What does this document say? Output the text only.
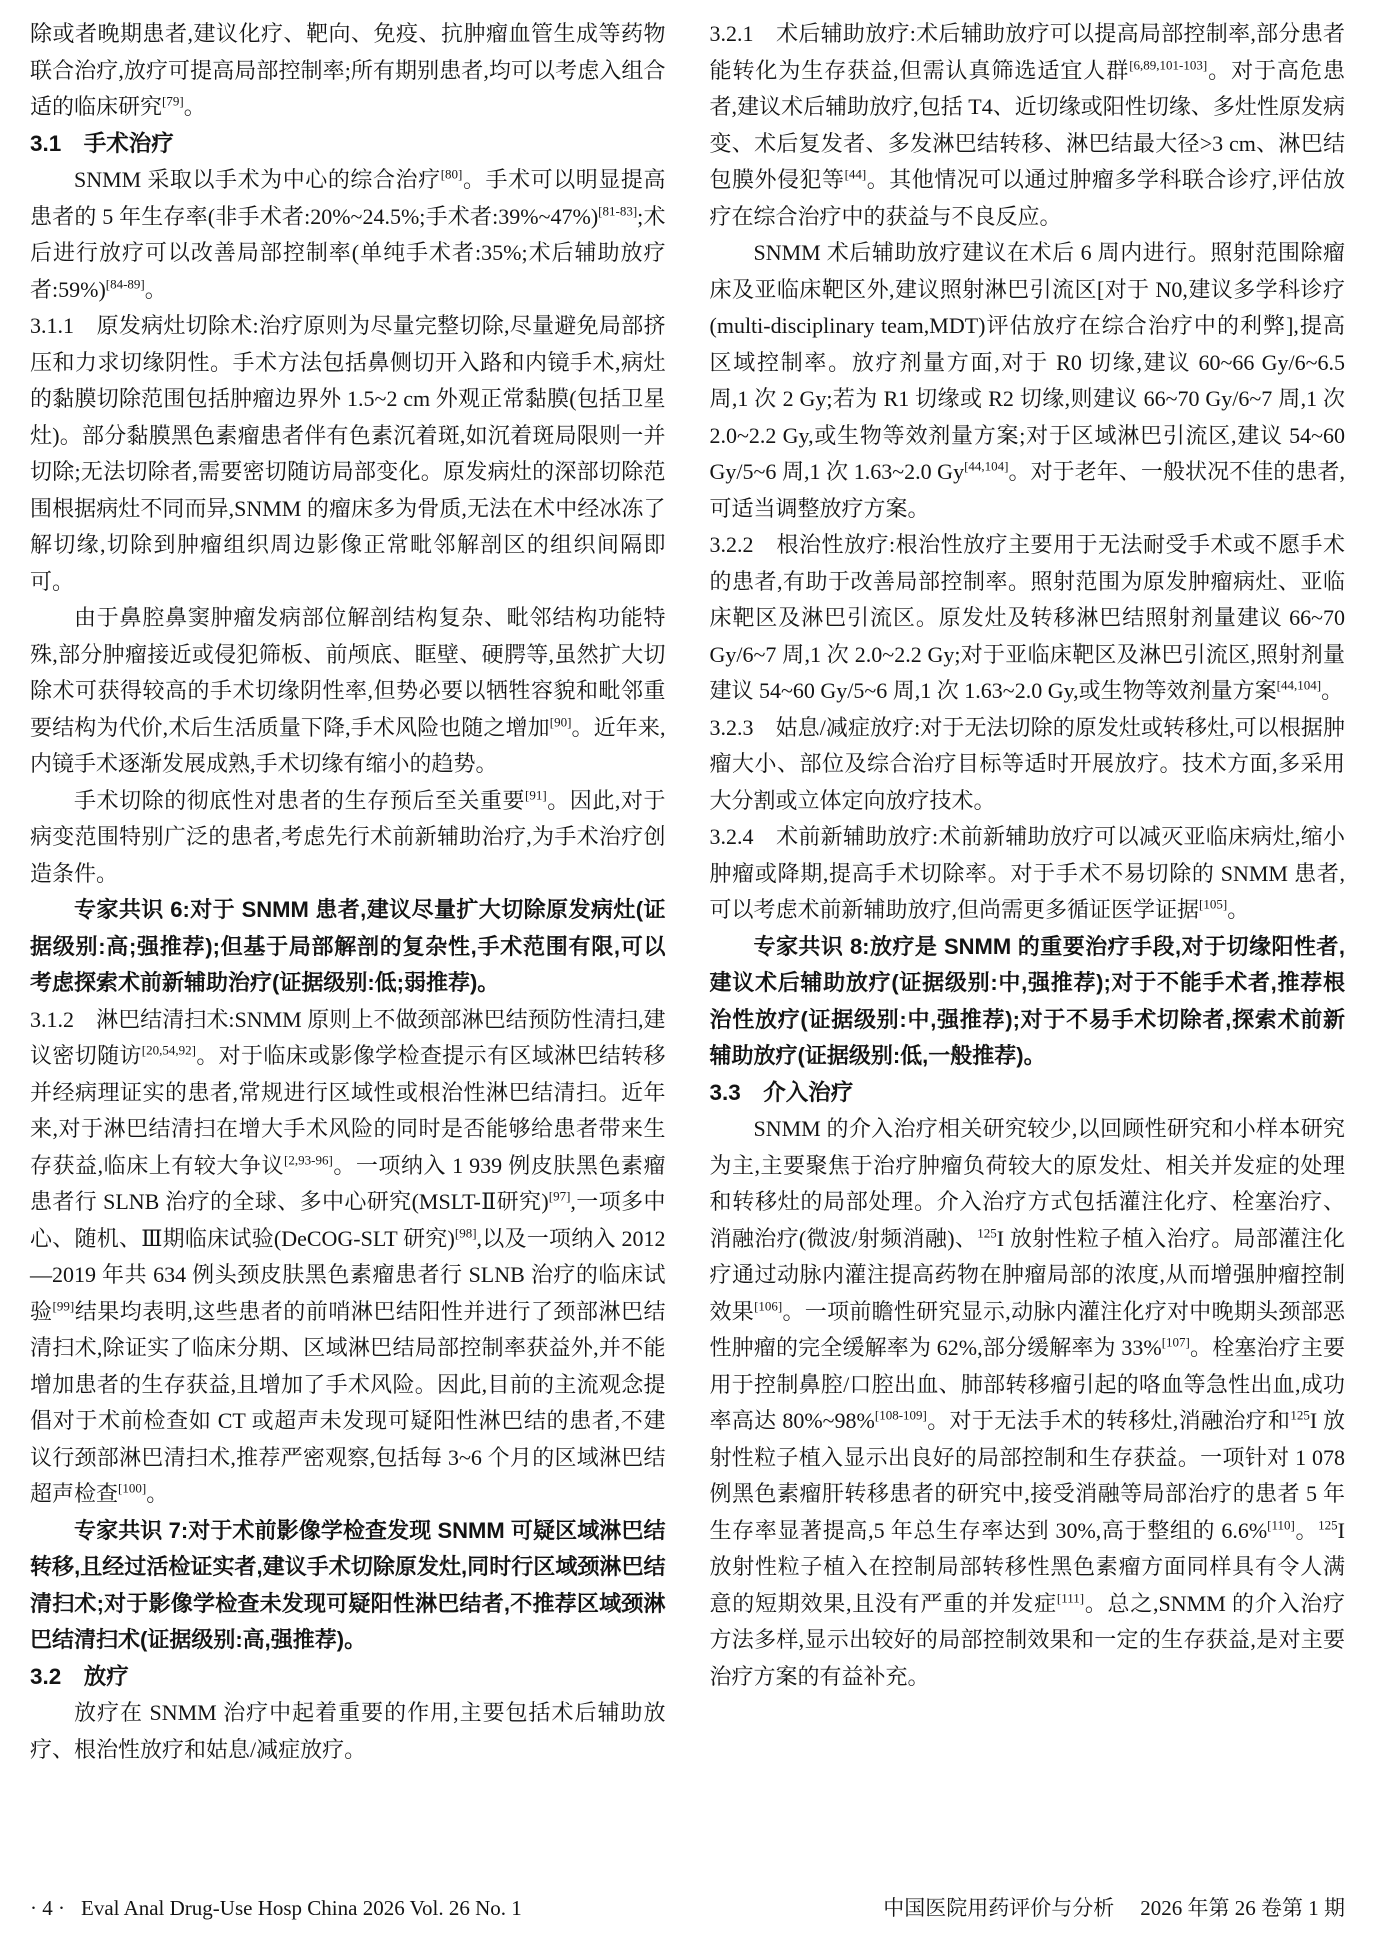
除或者晚期患者,建议化疗、靶向、免疫、抗肿瘤血管生成等药物联合治疗,放疗可提高局部控制率;所有期别患者,均可以考虑入组合适的临床研究[79]。
3.1　手术治疗
SNMM 采取以手术为中心的综合治疗[80]。手术可以明显提高患者的 5 年生存率(非手术者:20%~24.5%;手术者:39%~47%)[81-83];术后进行放疗可以改善局部控制率(单纯手术者:35%;术后辅助放疗者:59%)[84-89]。
3.1.1　原发病灶切除术:治疗原则为尽量完整切除,尽量避免局部挤压和力求切缘阴性。手术方法包括鼻侧切开入路和内镜手术,病灶的黏膜切除范围包括肿瘤边界外 1.5~2 cm 外观正常黏膜(包括卫星灶)。部分黏膜黑色素瘤患者伴有色素沉着斑,如沉着斑局限则一并切除;无法切除者,需要密切随访局部变化。原发病灶的深部切除范围根据病灶不同而异,SNMM 的瘤床多为骨质,无法在术中经冰冻了解切缘,切除到肿瘤组织周边影像正常毗邻解剖区的组织间隔即可。
由于鼻腔鼻窦肿瘤发病部位解剖结构复杂、毗邻结构功能特殊,部分肿瘤接近或侵犯筛板、前颅底、眶壁、硬腭等,虽然扩大切除术可获得较高的手术切缘阴性率,但势必要以牺牲容貌和毗邻重要结构为代价,术后生活质量下降,手术风险也随之增加[90]。近年来,内镜手术逐渐发展成熟,手术切缘有缩小的趋势。
手术切除的彻底性对患者的生存预后至关重要[91]。因此,对于病变范围特别广泛的患者,考虑先行术前新辅助治疗,为手术治疗创造条件。
专家共识 6:对于 SNMM 患者,建议尽量扩大切除原发病灶(证据级别:高;强推荐);但基于局部解剖的复杂性,手术范围有限,可以考虑探索术前新辅助治疗(证据级别:低;弱推荐)。
3.1.2　淋巴结清扫术:SNMM 原则上不做颈部淋巴结预防性清扫,建议密切随访[20,54,92]。对于临床或影像学检查提示有区域淋巴结转移并经病理证实的患者,常规进行区域性或根治性淋巴结清扫。近年来,对于淋巴结清扫在增大手术风险的同时是否能够给患者带来生存获益,临床上有较大争议[2,93-96]。一项纳入 1 939 例皮肤黑色素瘤患者行 SLNB 治疗的全球、多中心研究(MSLT-Ⅱ研究)[97],一项多中心、随机、Ⅲ期临床试验(DeCOG-SLT 研究)[98],以及一项纳入 2012—2019 年共 634 例头颈皮肤黑色素瘤患者行 SLNB 治疗的临床试验[99]结果均表明,这些患者的前哨淋巴结阳性并进行了颈部淋巴结清扫术,除证实了临床分期、区域淋巴结局部控制率获益外,并不能增加患者的生存获益,且增加了手术风险。因此,目前的主流观念提倡对于术前检查如 CT 或超声未发现可疑阳性淋巴结的患者,不建议行颈部淋巴清扫术,推荐严密观察,包括每 3~6 个月的区域淋巴结超声检查[100]。
专家共识 7:对于术前影像学检查发现 SNMM 可疑区域淋巴结转移,且经过活检证实者,建议手术切除原发灶,同时行区域颈淋巴结清扫术;对于影像学检查未发现可疑阳性淋巴结者,不推荐区域颈淋巴结清扫术(证据级别:高,强推荐)。
3.2　放疗
放疗在 SNMM 治疗中起着重要的作用,主要包括术后辅助放疗、根治性放疗和姑息/减症放疗。
3.2.1　术后辅助放疗:术后辅助放疗可以提高局部控制率,部分患者能转化为生存获益,但需认真筛选适宜人群[6,89,101-103]。对于高危患者,建议术后辅助放疗,包括 T4、近切缘或阳性切缘、多灶性原发病变、术后复发者、多发淋巴结转移、淋巴结最大径>3 cm、淋巴结包膜外侵犯等[44]。其他情况可以通过肿瘤多学科联合诊疗,评估放疗在综合治疗中的获益与不良反应。
SNMM 术后辅助放疗建议在术后 6 周内进行。照射范围除瘤床及亚临床靶区外,建议照射淋巴引流区[对于 N0,建议多学科诊疗(multi-disciplinary team,MDT)评估放疗在综合治疗中的利弊],提高区域控制率。放疗剂量方面,对于 R0 切缘,建议 60~66 Gy/6~6.5 周,1 次 2 Gy;若为 R1 切缘或 R2 切缘,则建议 66~70 Gy/6~7 周,1 次 2.0~2.2 Gy,或生物等效剂量方案;对于区域淋巴引流区,建议 54~60 Gy/5~6 周,1 次 1.63~2.0 Gy[44,104]。对于老年、一般状况不佳的患者,可适当调整放疗方案。
3.2.2　根治性放疗:根治性放疗主要用于无法耐受手术或不愿手术的患者,有助于改善局部控制率。照射范围为原发肿瘤病灶、亚临床靶区及淋巴引流区。原发灶及转移淋巴结照射剂量建议 66~70 Gy/6~7 周,1 次 2.0~2.2 Gy;对于亚临床靶区及淋巴引流区,照射剂量建议 54~60 Gy/5~6 周,1 次 1.63~2.0 Gy,或生物等效剂量方案[44,104]。
3.2.3　姑息/减症放疗:对于无法切除的原发灶或转移灶,可以根据肿瘤大小、部位及综合治疗目标等适时开展放疗。技术方面,多采用大分割或立体定向放疗技术。
3.2.4　术前新辅助放疗:术前新辅助放疗可以减灭亚临床病灶,缩小肿瘤或降期,提高手术切除率。对于手术不易切除的 SNMM 患者,可以考虑术前新辅助放疗,但尚需更多循证医学证据[105]。
专家共识 8:放疗是 SNMM 的重要治疗手段,对于切缘阳性者,建议术后辅助放疗(证据级别:中,强推荐);对于不能手术者,推荐根治性放疗(证据级别:中,强推荐);对于不易手术切除者,探索术前新辅助放疗(证据级别:低,一般推荐)。
3.3　介入治疗
SNMM 的介入治疗相关研究较少,以回顾性研究和小样本研究为主,主要聚焦于治疗肿瘤负荷较大的原发灶、相关并发症的处理和转移灶的局部处理。介入治疗方式包括灌注化疗、栓塞治疗、消融治疗(微波/射频消融)、$^{125}$I 放射性粒子植入治疗。局部灌注化疗通过动脉内灌注提高药物在肿瘤局部的浓度,从而增强肿瘤控制效果[106]。一项前瞻性研究显示,动脉内灌注化疗对中晚期头颈部恶性肿瘤的完全缓解率为 62%,部分缓解率为 33%[107]。栓塞治疗主要用于控制鼻腔/口腔出血、肺部转移瘤引起的咯血等急性出血,成功率高达 80%~98%[108-109]。对于无法手术的转移灶,消融治疗和$^{125}$I 放射性粒子植入显示出良好的局部控制和生存获益。一项针对 1 078 例黑色素瘤肝转移患者的研究中,接受消融等局部治疗的患者 5 年生存率显著提高,5 年总生存率达到 30%,高于整组的 6.6%[110]。$^{125}$I 放射性粒子植入在控制局部转移性黑色素瘤方面同样具有令人满意的短期效果,且没有严重的并发症[111]。总之,SNMM 的介入治疗方法多样,显示出较好的局部控制效果和一定的生存获益,是对主要治疗方案的有益补充。
· 4 · Eval Anal Drug-Use Hosp China 2026 Vol. 26 No. 1	中国医院用药评价与分析 2026 年第 26 卷第 1 期
